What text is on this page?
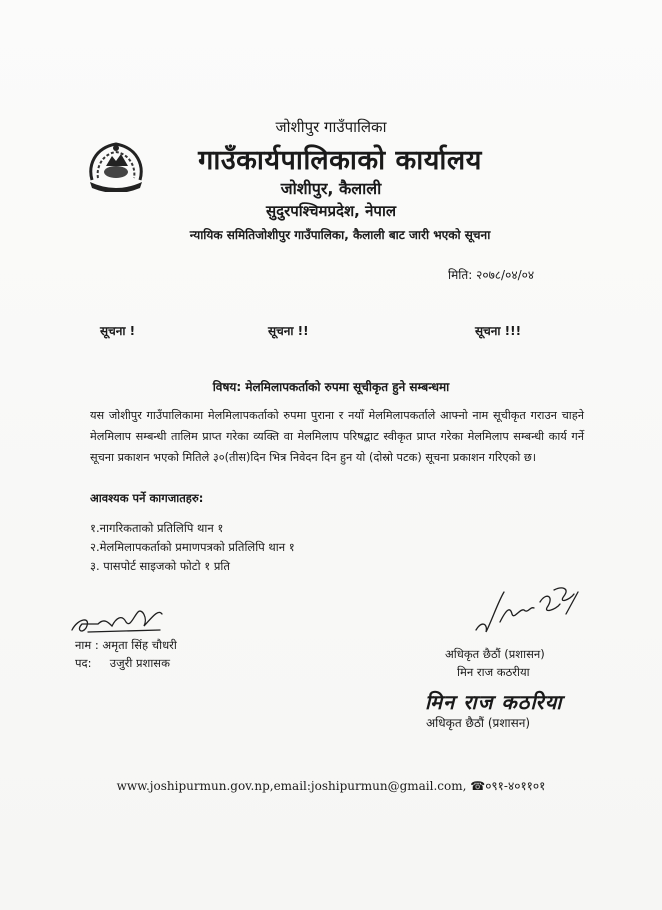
जोशीपुर गाउँपालिका
गाउँकार्यपालिकाको कार्यालय
जोशीपुर, कैलाली
सुदुरपश्चिमप्रदेश, नेपाल
न्यायिक समितिजोशीपुर गाउँपालिका, कैलाली बाट जारी भएको सूचना
मिति: २०७८/०४/०४
सूचना !	सूचना !!	सूचना !!!
विषय: मेलमिलापकर्ताको रुपमा सूचीकृत हुने सम्बन्धमा
यस जोशीपुर गाउँपालिकामा मेलमिलापकर्ताको रुपमा पुराना र नयाँ मेलमिलापकर्ताले आफ्नो नाम सूचीकृत गराउन चाहने मेलमिलाप सम्बन्धी तालिम प्राप्त गरेका व्यक्ति वा मेलमिलाप परिषद्बाट स्वीकृत प्राप्त गरेका मेलमिलाप सम्बन्धी कार्य गर्ने सूचना प्रकाशन भएको मितिले ३०(तीस)दिन भित्र निवेदन दिन हुन यो (दोस्रो पटक) सूचना प्रकाशन गरिएको छ।
आवश्यक पर्ने कागजातहरु:
१.नागरिकताको प्रतिलिपि थान १
२.मेलमिलापकर्ताको प्रमाणपत्रको प्रतिलिपि थान १
३. पासपोर्ट साइजको फोटो १ प्रति
नाम : अमृता सिंह चौधरी
पद: उजुरी प्रशासक
अधिकृत छैठौं (प्रशासन)
मिन राज कठरीया
मिन राज कठरिया
अधिकृत छैठौं (प्रशासन)
www.joshipurmun.gov.np,email:joshipurmun@gmail.com, ☎०९१-४०११०१
